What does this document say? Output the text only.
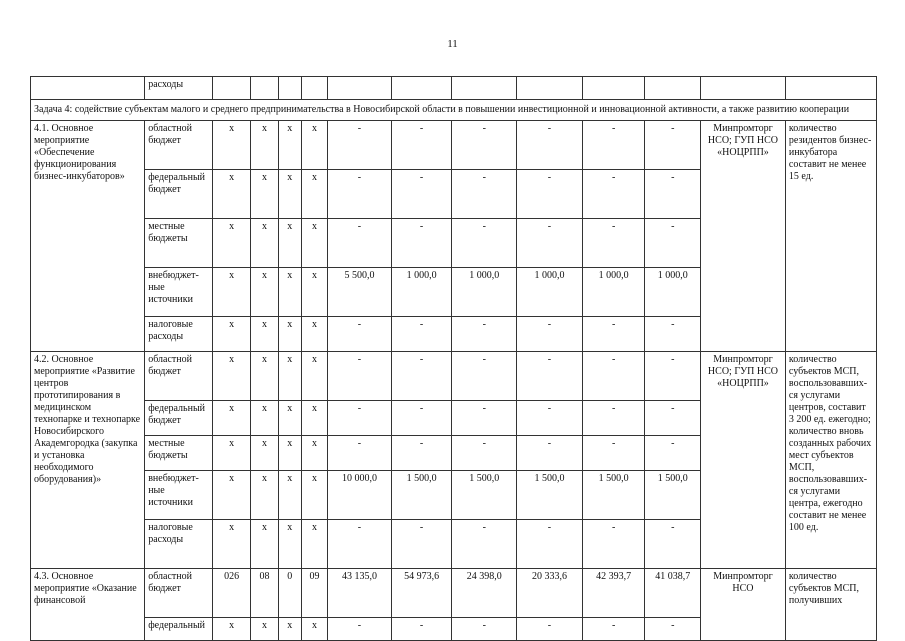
11
	расходы												
Задача 4: содействие субъектам малого и среднего предпринимательства в Новосибирской области в повышении инвестиционной и инновационной активности, а также развитию кооперации													
4.1. Основное мероприятие «Обеспечение функционирования бизнес-инкубаторов»	областной бюджет	x	x	x	x	-	-	-	-	-	-	Минпромторг НСО; ГУП НСО «НОЦРПП»	количество резидентов бизнес-инкубатора составит не менее 15 ед.
	федеральный бюджет	x	x	x	x	-	-	-	-	-	-		
	местные бюджеты	x	x	x	x	-	-	-	-	-	-		
	внебюджет-ные источники	x	x	x	x	5 500,0	1 000,0	1 000,0	1 000,0	1 000,0	1 000,0		
	налоговые расходы	x	x	x	x	-	-	-	-	-	-		
4.2. Основное мероприятие «Развитие центров прототипирования в медицинском технопарке и технопарке Новосибирского Академгородка (закупка и установка необходимого оборудования)»	областной бюджет	x	x	x	x	-	-	-	-	-	-	Минпромторг НСО; ГУП НСО «НОЦРПП»	количество субъектов МСП, воспользовавших-ся услугами центров, составит 3 200 ед. ежегодно; количество вновь созданных рабочих мест субъектов МСП, воспользовавших-ся услугами центра, ежегодно составит не менее 100 ед.
	федеральный бюджет	x	x	x	x	-	-	-	-	-	-		
	местные бюджеты	x	x	x	x	-	-	-	-	-	-		
	внебюджет-ные источники	x	x	x	x	10 000,0	1 500,0	1 500,0	1 500,0	1 500,0	1 500,0		
	налоговые расходы	x	x	x	x	-	-	-	-	-	-		
4.3. Основное мероприятие «Оказание финансовой	областной бюджет	026	08	0	09	43 135,0	54 973,6	24 398,0	20 333,6	42 393,7	41 038,7	Минпромторг НСО	количество субъектов МСП, получивших
	федеральный	x	x	x	x	-	-	-	-	-	-		
